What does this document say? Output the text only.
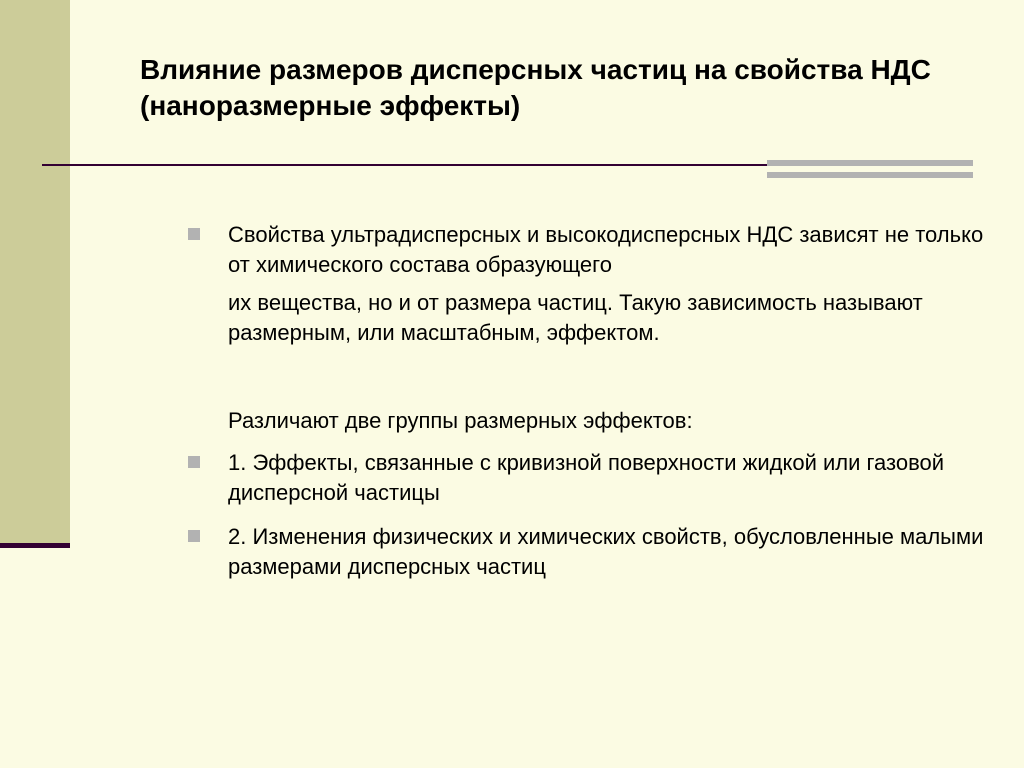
Влияние размеров дисперсных частиц на свойства НДС (наноразмерные эффекты)
Свойства ультрадисперсных и высокодисперсных НДС зависят не только от химического состава образующего
их вещества, но и от размера частиц. Такую зависимость называют размерным, или масштабным, эффектом.
Различают две группы размерных эффектов:
1. Эффекты, связанные с кривизной поверхности жидкой или газовой дисперсной частицы
2. Изменения физических и химических свойств, обусловленные малыми размерами дисперсных частиц
